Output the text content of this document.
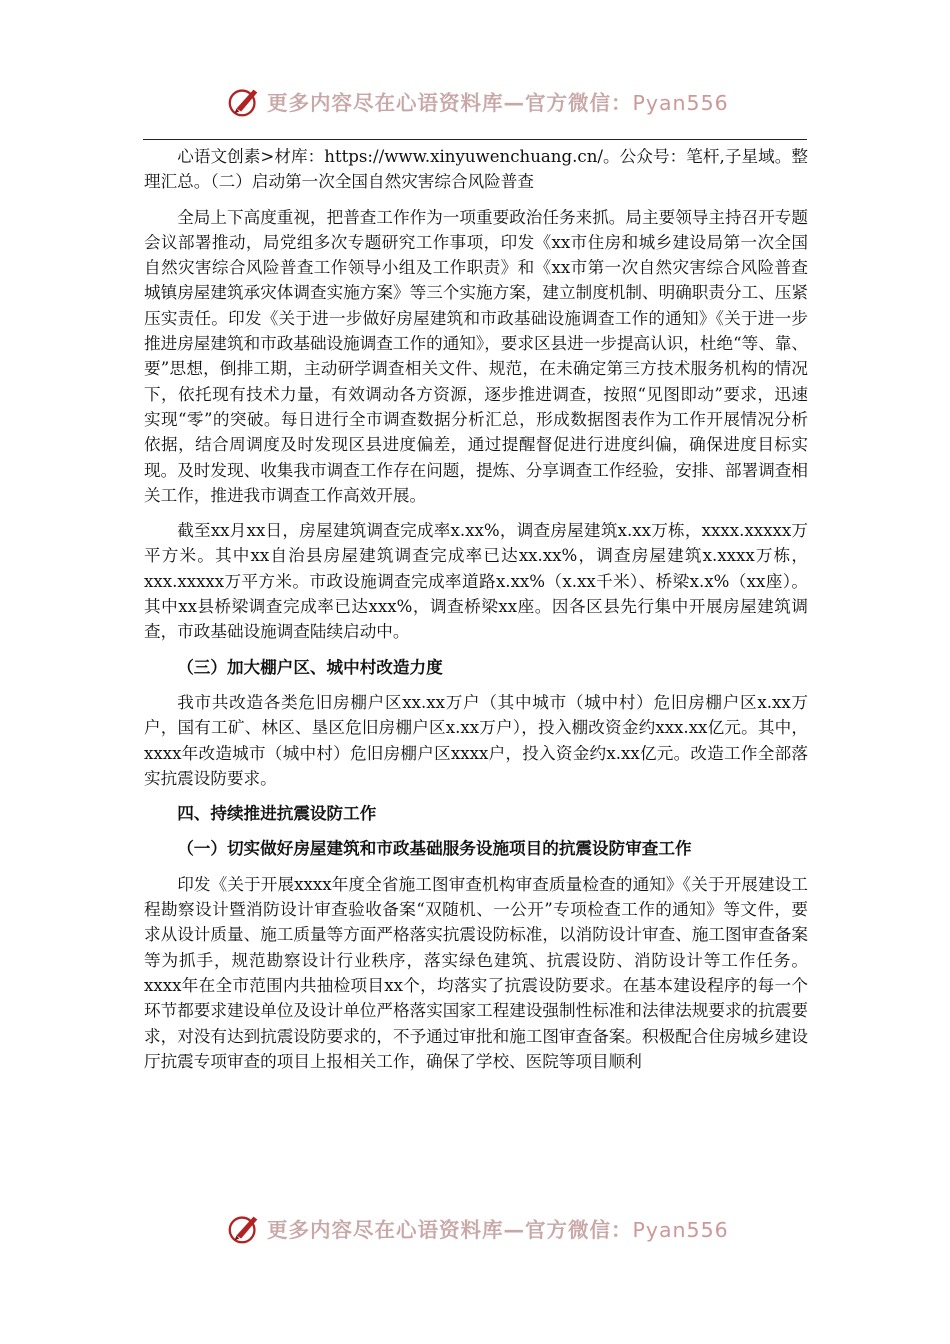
更多内容尽在心语资料库—官方微信：Pyan556

心语文创素>材库：https://www.xinyuwenchuang.cn/。公众号：笔杆,子星域。整理汇总。（二）启动第一次全国自然灾害综合风险普查

全局上下高度重视，把普查工作作为一项重要政治任务来抓。局主要领导主持召开专题会议部署推动，局党组多次专题研究工作事项，印发《xx市住房和城乡建设局第一次全国自然灾害综合风险普查工作领导小组及工作职责》和《xx市第一次自然灾害综合风险普查城镇房屋建筑承灾体调查实施方案》等三个实施方案，建立制度机制、明确职责分工、压紧压实责任。印发《关于进一步做好房屋建筑和市政基础设施调查工作的通知》《关于进一步推进房屋建筑和市政基础设施调查工作的通知》，要求区县进一步提高认识，杜绝“等、靠、要”思想，倒排工期，主动研学调查相关文件、规范，在未确定第三方技术服务机构的情况下，依托现有技术力量，有效调动各方资源，逐步推进调查，按照“见图即动”要求，迅速实现“零”的突破。每日进行全市调查数据分析汇总，形成数据图表作为工作开展情况分析依据，结合周调度及时发现区县进度偏差，通过提醒督促进行进度纠偏，确保进度目标实现。及时发现、收集我市调查工作存在问题，提炼、分享调查工作经验，安排、部署调查相关工作，推进我市调查工作高效开展。

截至xx月xx日，房屋建筑调查完成率x.xx%，调查房屋建筑x.xx万栋，xxxx.xxxxx万平方米。其中xx自治县房屋建筑调查完成率已达xx.xx%，调查房屋建筑x.xxxx万栋，xxx.xxxxx万平方米。市政设施调查完成率道路x.xx%（x.xx千米）、桥梁x.x%（xx座）。其中xx县桥梁调查完成率已达xxx%，调查桥梁xx座。因各区县先行集中开展房屋建筑调查，市政基础设施调查陆续启动中。

（三）加大棚户区、城中村改造力度

我市共改造各类危旧房棚户区xx.xx万户（其中城市（城中村）危旧房棚户区x.xx万户，国有工矿、林区、垦区危旧房棚户区x.xx万户），投入棚改资金约xxx.xx亿元。其中，xxxx年改造城市（城中村）危旧房棚户区xxxx户，投入资金约x.xx亿元。改造工作全部落实抗震设防要求。

四、持续推进抗震设防工作
（一）切实做好房屋建筑和市政基础服务设施项目的抗震设防审查工作

印发《关于开展xxxx年度全省施工图审查机构审查质量检查的通知》《关于开展建设工程勘察设计暨消防设计审查验收备案“双随机、一公开”专项检查工作的通知》等文件，要求从设计质量、施工质量等方面严格落实抗震设防标准，以消防设计审查、施工图审查备案等为抓手，规范勘察设计行业秩序，落实绿色建筑、抗震设防、消防设计等工作任务。xxxx年在全市范围内共抽检项目xx个，均落实了抗震设防要求。在基本建设程序的每一个环节都要求建设单位及设计单位严格落实国家工程建设强制性标准和法律法规要求的抗震要求，对没有达到抗震设防要求的，不予通过审批和施工图审查备案。积极配合住房城乡建设厅抗震专项审查的项目上报相关工作，确保了学校、医院等项目顺利

更多内容尽在心语资料库—官方微信：Pyan556
